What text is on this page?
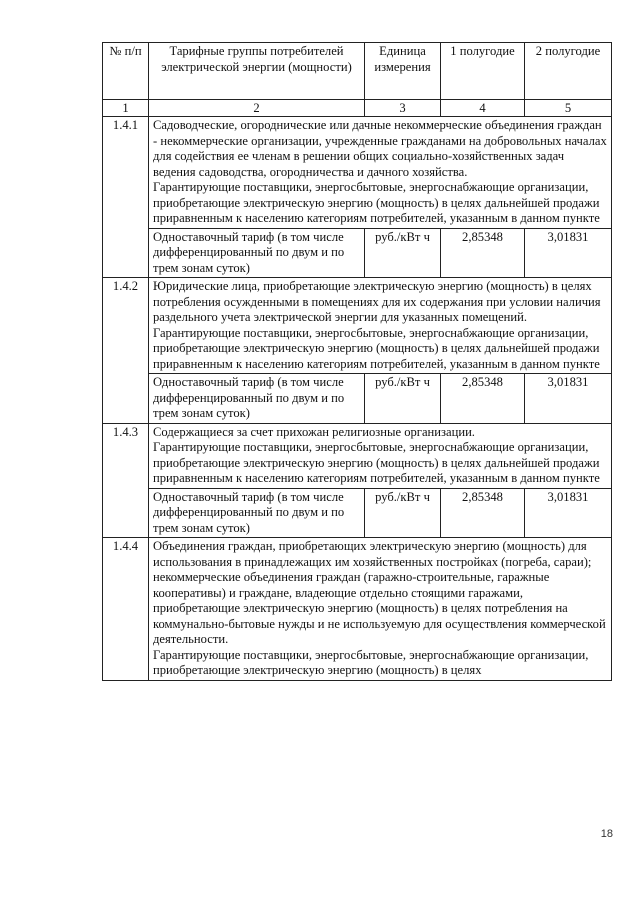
№ п/п	Тарифные группы потребителей электрической энергии (мощности)	Единица измерения	1 полугодие	2 полугодие
1	2	3	4	5
1.4.1	Садоводческие, огороднические или дачные некоммерческие объединения граждан - некоммерческие организации, учрежденные гражданами на добровольных началах для содействия ее членам в решении общих социально-хозяйственных задач ведения садоводства, огородничества и дачного хозяйства.

Гарантирующие поставщики, энергосбытовые, энергоснабжающие организации, приобретающие электрическую энергию (мощность) в целях дальнейшей продажи приравненным к населению категориям потребителей, указанным в данном пункте			

	Одноставочный тариф (в том числе дифференцированный по двум и по трем зонам суток)	руб./кВт ч	2,85348	3,01831
1.4.2	Юридические лица, приобретающие электрическую энергию (мощность) в целях потребления осужденными в помещениях для их содержания при условии наличия раздельного учета электрической энергии для указанных помещений.

Гарантирующие поставщики, энергосбытовые, энергоснабжающие организации, приобретающие электрическую энергию (мощность) в целях дальнейшей продажи приравненным к населению категориям потребителей, указанным в данном пункте			

	Одноставочный тариф (в том числе дифференцированный по двум и по трем зонам суток)	руб./кВт ч	2,85348	3,01831
1.4.3	Содержащиеся за счет прихожан религиозные организации.

Гарантирующие поставщики, энергосбытовые, энергоснабжающие организации, приобретающие электрическую энергию (мощность) в целях дальнейшей продажи приравненным к населению категориям потребителей, указанным в данном пункте			

	Одноставочный тариф (в том числе дифференцированный по двум и по трем зонам суток)	руб./кВт ч	2,85348	3,01831
1.4.4	Объединения граждан, приобретающих электрическую энергию (мощность) для использования в принадлежащих им хозяйственных постройках (погреба, сараи); некоммерческие объединения граждан (гаражно-строительные, гаражные кооперативы) и граждане, владеющие отдельно стоящими гаражами, приобретающие электрическую энергию (мощность) в целях потребления на коммунально-бытовые нужды и не используемую для осуществления коммерческой деятельности.

Гарантирующие поставщики, энергосбытовые, энергоснабжающие организации, приобретающие электрическую энергию (мощность) в целях			

18
